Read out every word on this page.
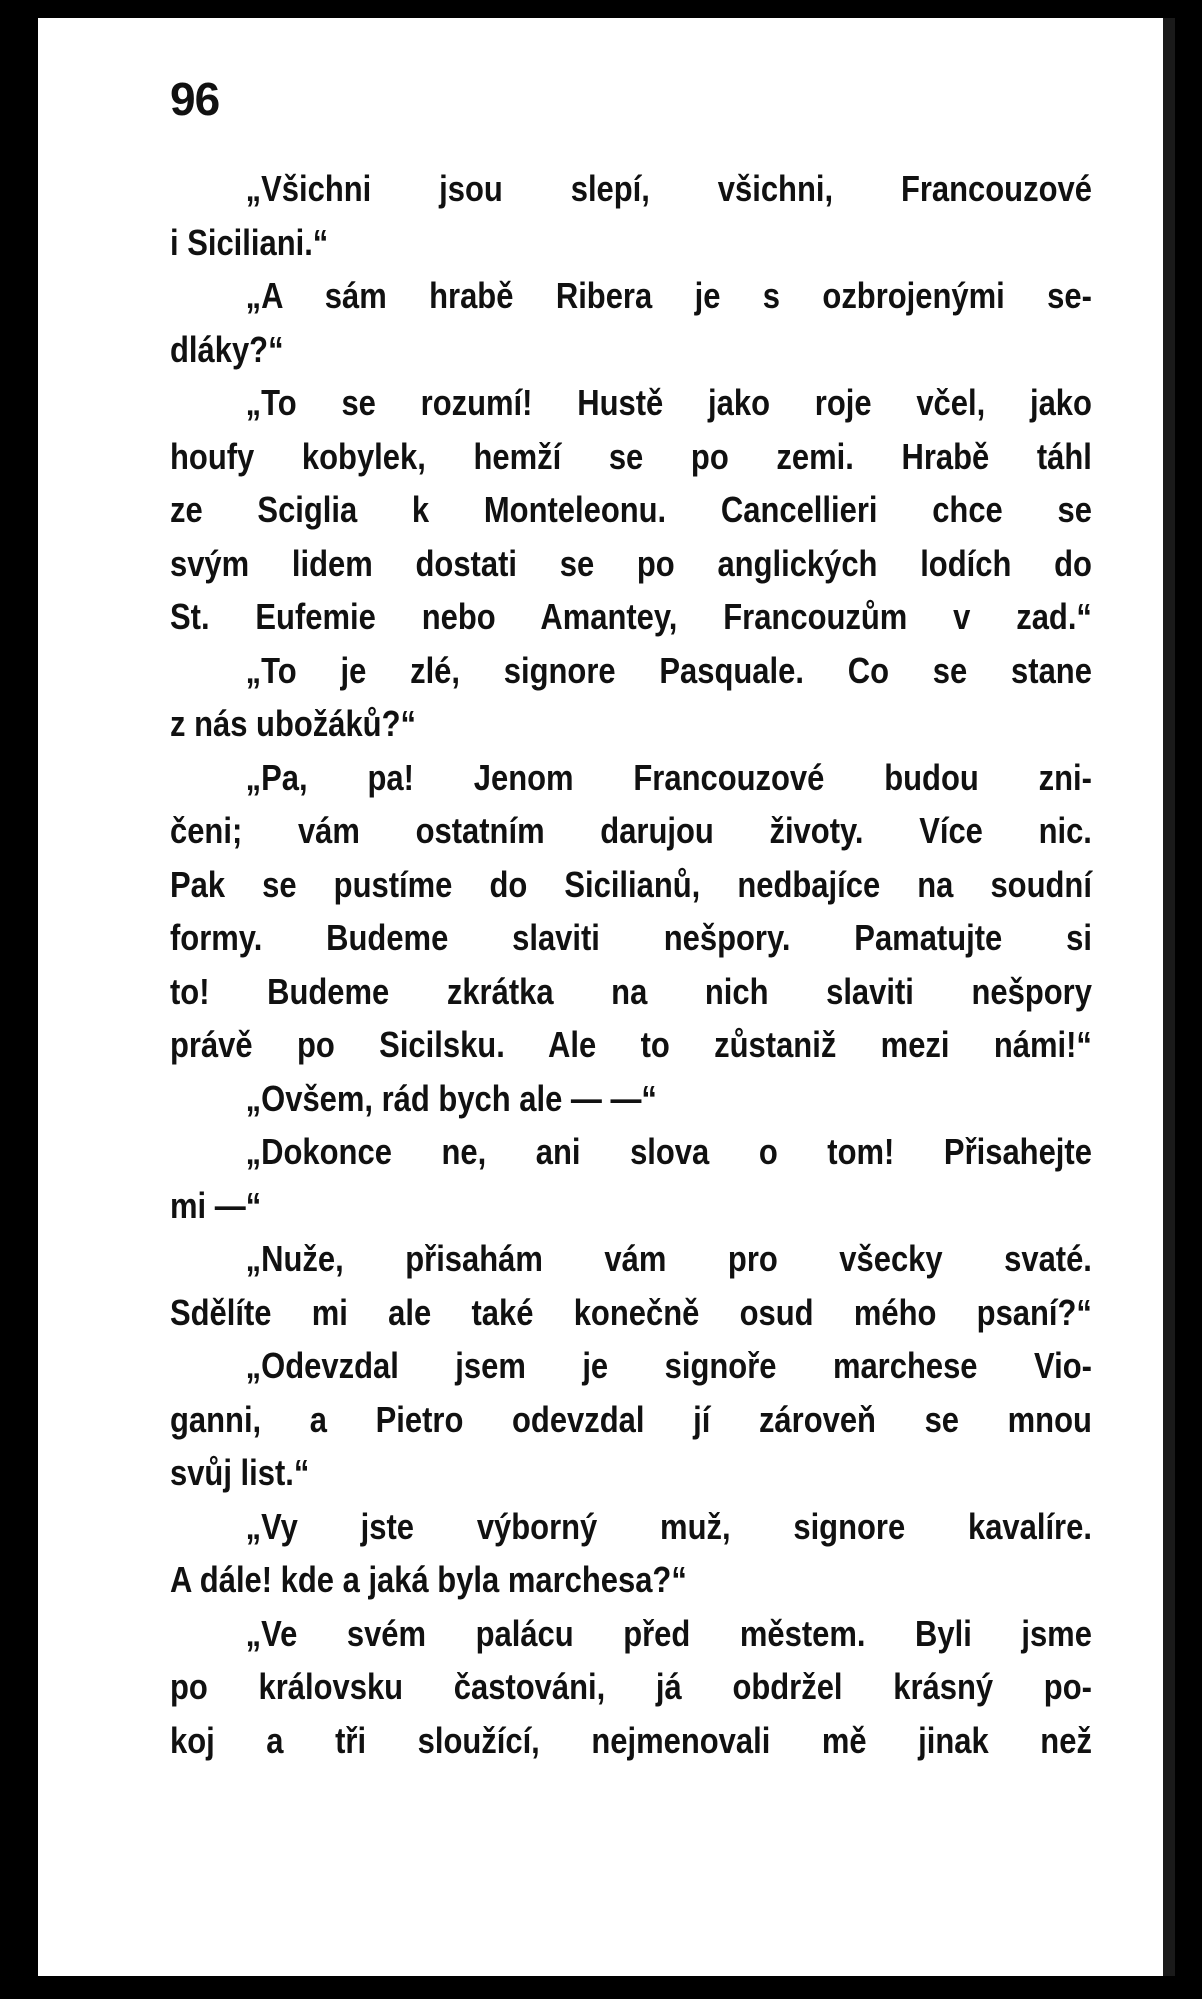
96
„Všichni jsou slepí, všichni, Francouzové
i Siciliani.“
„A sám hrabě Ribera je s ozbrojenými se-
dláky?“
„To se rozumí! Hustě jako roje včel, jako
houfy kobylek, hemží se po zemi. Hrabě táhl
ze Sciglia k Monteleonu. Cancellieri chce se
svým lidem dostati se po anglických lodích do
St. Eufemie nebo Amantey, Francouzům v zad.“
„To je zlé, signore Pasquale. Co se stane
z nás ubožáků?“
„Pa, pa! Jenom Francouzové budou zni-
čeni; vám ostatním darujou životy. Více nic.
Pak se pustíme do Sicilianů, nedbajíce na soudní
formy. Budeme slaviti nešpory. Pamatujte si
to! Budeme zkrátka na nich slaviti nešpory
právě po Sicilsku. Ale to zůstaniž mezi námi!“
„Ovšem, rád bych ale — —“
„Dokonce ne, ani slova o tom! Přisahejte
mi —“
„Nuže, přisahám vám pro všecky svaté.
Sdělíte mi ale také konečně osud mého psaní?“
„Odevzdal jsem je signoře marchese Vio-
ganni, a Pietro odevzdal jí zároveň se mnou
svůj list.“
„Vy jste výborný muž, signore kavalíre.
A dále! kde a jaká byla marchesa?“
„Ve svém palácu před městem. Byli jsme
po královsku častováni, já obdržel krásný po-
koj a tři sloužící, nejmenovali mě jinak než
